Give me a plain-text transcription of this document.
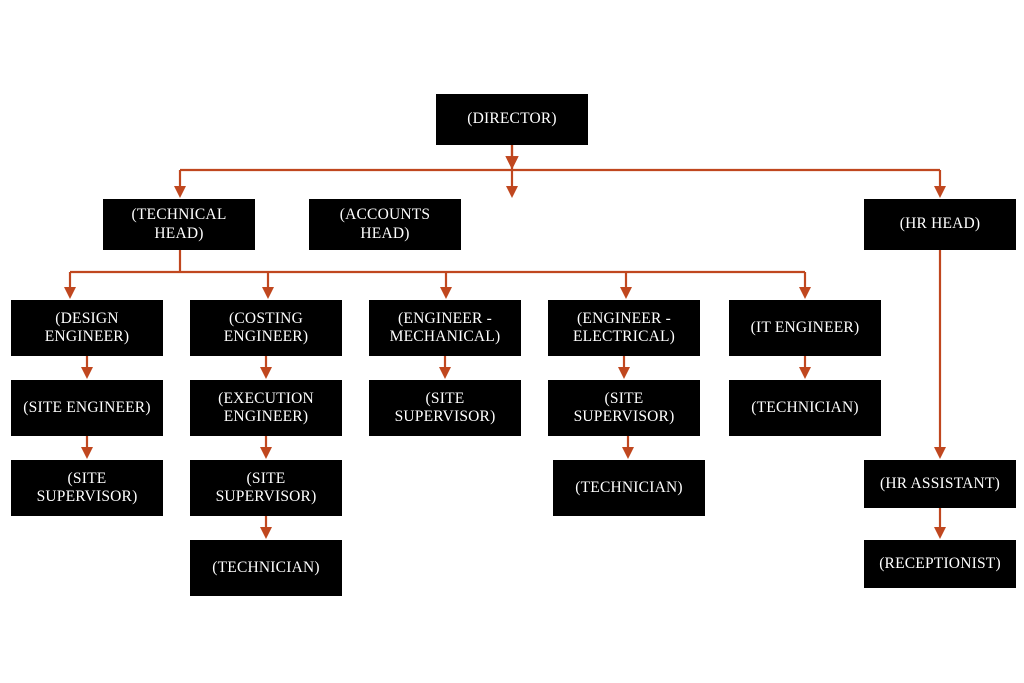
(DIRECTOR)
(TECHNICAL HEAD)
(ACCOUNTS HEAD)
(HR HEAD)
(DESIGN ENGINEER)
(COSTING ENGINEER)
(ENGINEER - MECHANICAL)
(ENGINEER - ELECTRICAL)
(IT ENGINEER)
(SITE ENGINEER)
(EXECUTION ENGINEER)
(SITE SUPERVISOR)
(SITE SUPERVISOR)
(TECHNICIAN)
(SITE SUPERVISOR)
(SITE SUPERVISOR)
(TECHNICIAN)	(HR ASSISTANT)
(TECHNICIAN)	(RECEPTIONIST)
